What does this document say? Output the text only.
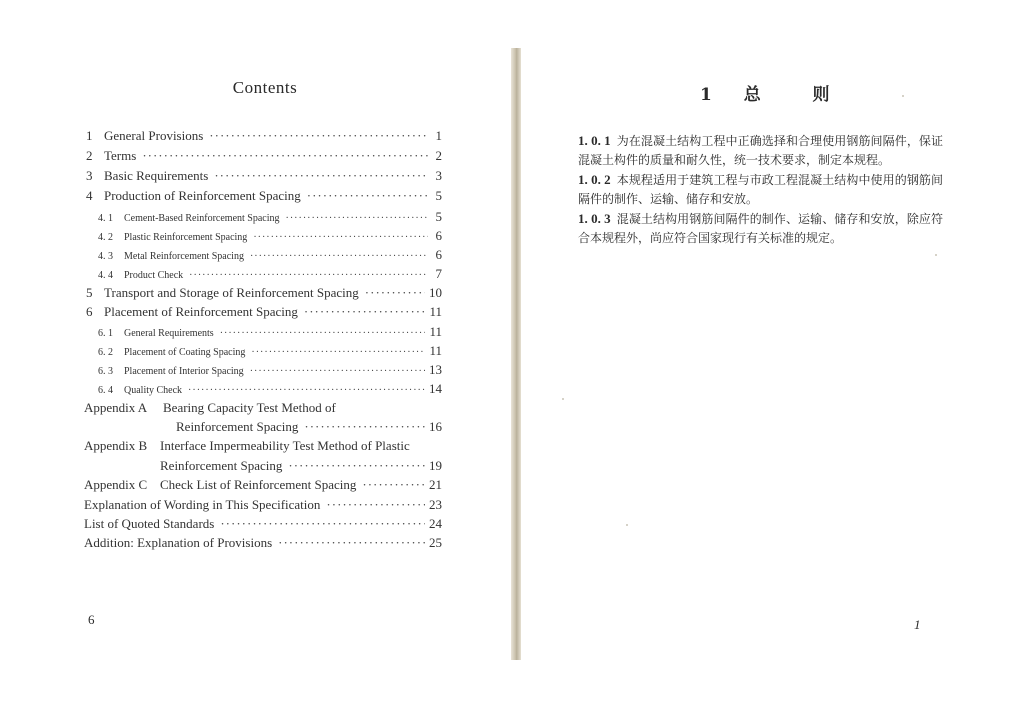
Contents
1 General Provisions ·····	1
2 Terms ·····	2
3 Basic Requirements ·····	3
4 Production of Reinforcement Spacing ·····	5
4. 1	Cement-Based Reinforcement Spacing ·····	5
4. 2	Plastic Reinforcement Spacing ·····	6
4. 3	Metal Reinforcement Spacing ·····	6
4. 4	Product Check ·····	7
5 Transport and Storage of Reinforcement Spacing ·····	10
6 Placement of Reinforcement Spacing ·····	11
6. 1	General Requirements ·····	11
6. 2	Placement of Coating Spacing ·····	11
6. 3	Placement of Interior Spacing ·····	13
6. 4	Quality Check ·····	14
Appendix A Bearing Capacity Test Method of
Reinforcement Spacing ·····	16
Appendix B Interface Impermeability Test Method of Plastic
Reinforcement Spacing ·····	19
Appendix C Check List of Reinforcement Spacing ·····	21
Explanation of Wording in This Specification ·····	23
List of Quoted Standards ·····	24
Addition: Explanation of Provisions ·····	25
6
1 总	则

1. 0. 1 为在混凝土结构工程中正确选择和合理使用钢筋间隔件，保证混凝土构件的质量和耐久性，统一技术要求，制定本规程。

1. 0. 2 本规程适用于建筑工程与市政工程混凝土结构中使用的钢筋间隔件的制作、运输、储存和安放。

1. 0. 3 混凝土结构用钢筋间隔件的制作、运输、储存和安放，除应符合本规程外，尚应符合国家现行有关标准的规定。

1
